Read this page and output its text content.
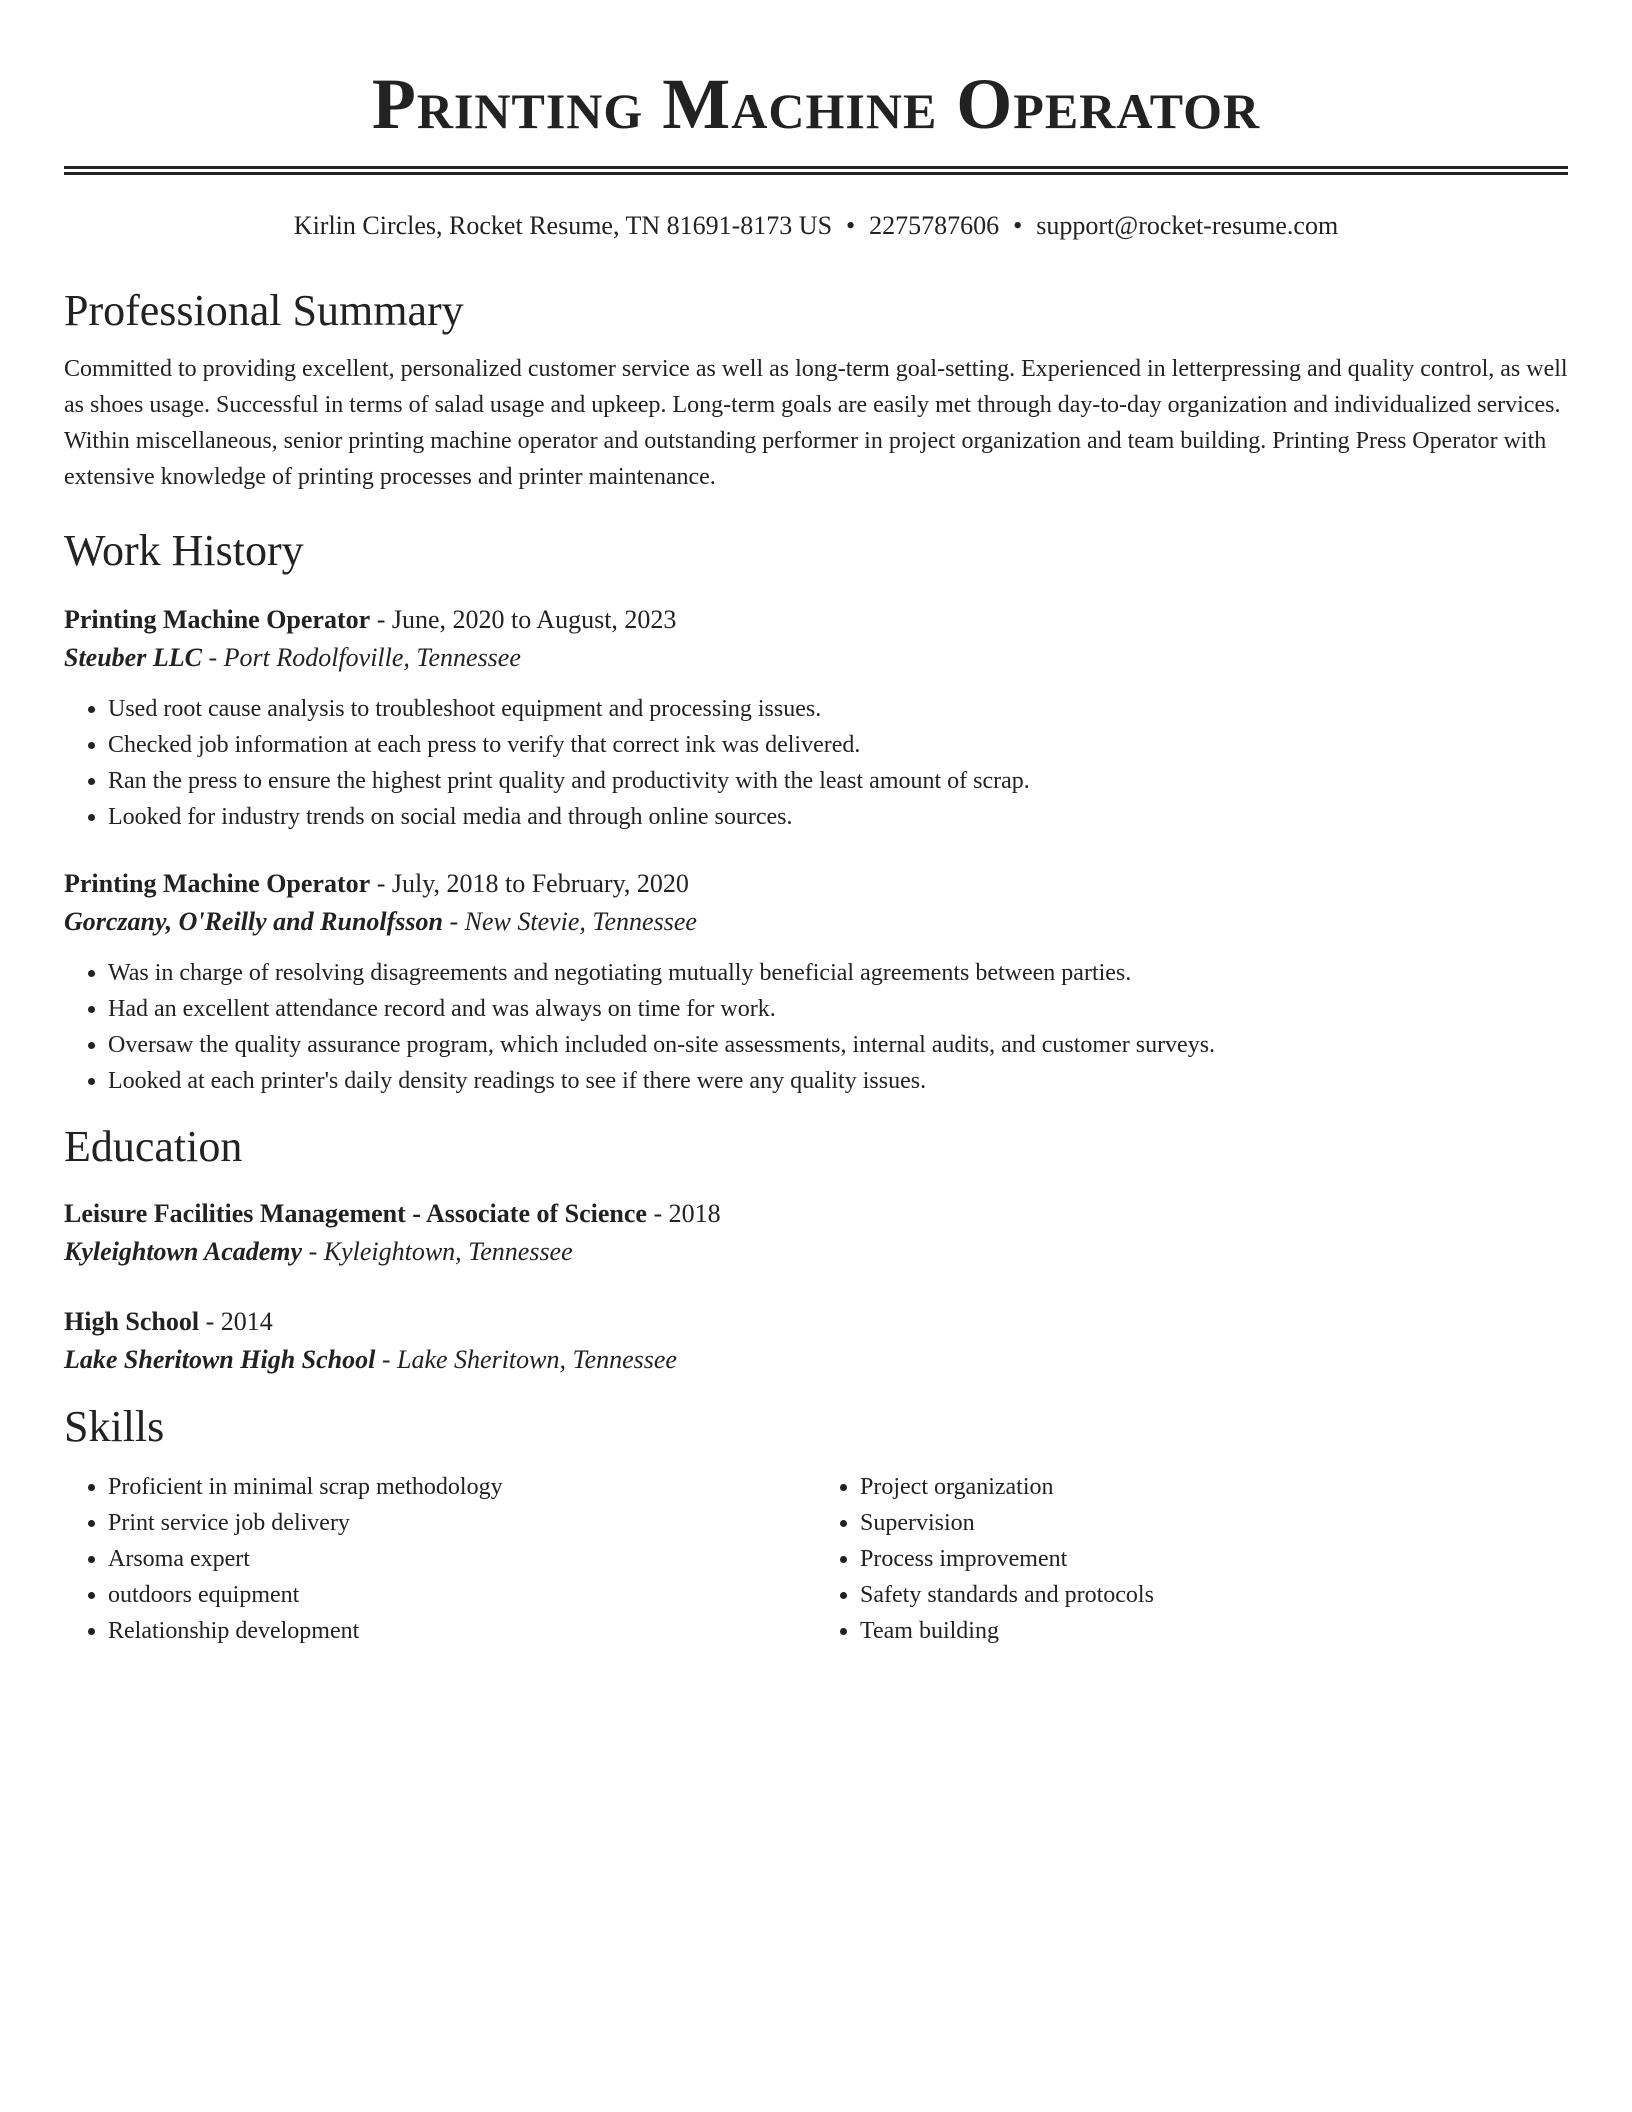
Printing Machine Operator
Kirlin Circles, Rocket Resume, TN 81691-8173 US • 2275787606 • support@rocket-resume.com
Professional Summary
Committed to providing excellent, personalized customer service as well as long-term goal-setting. Experienced in letterpressing and quality control, as well as shoes usage. Successful in terms of salad usage and upkeep. Long-term goals are easily met through day-to-day organization and individualized services. Within miscellaneous, senior printing machine operator and outstanding performer in project organization and team building. Printing Press Operator with extensive knowledge of printing processes and printer maintenance.
Work History
Printing Machine Operator - June, 2020 to August, 2023
Steuber LLC - Port Rodolfoville, Tennessee
• Used root cause analysis to troubleshoot equipment and processing issues.
• Checked job information at each press to verify that correct ink was delivered.
• Ran the press to ensure the highest print quality and productivity with the least amount of scrap.
• Looked for industry trends on social media and through online sources.
Printing Machine Operator - July, 2018 to February, 2020
Gorczany, O'Reilly and Runolfsson - New Stevie, Tennessee
• Was in charge of resolving disagreements and negotiating mutually beneficial agreements between parties.
• Had an excellent attendance record and was always on time for work.
• Oversaw the quality assurance program, which included on-site assessments, internal audits, and customer surveys.
• Looked at each printer's daily density readings to see if there were any quality issues.
Education
Leisure Facilities Management - Associate of Science - 2018
Kyleightown Academy - Kyleightown, Tennessee
High School - 2014
Lake Sheritown High School - Lake Sheritown, Tennessee
Skills
• Proficient in minimal scrap methodology
• Print service job delivery
• Arsoma expert
• outdoors equipment
• Relationship development
• Project organization
• Supervision
• Process improvement
• Safety standards and protocols
• Team building
